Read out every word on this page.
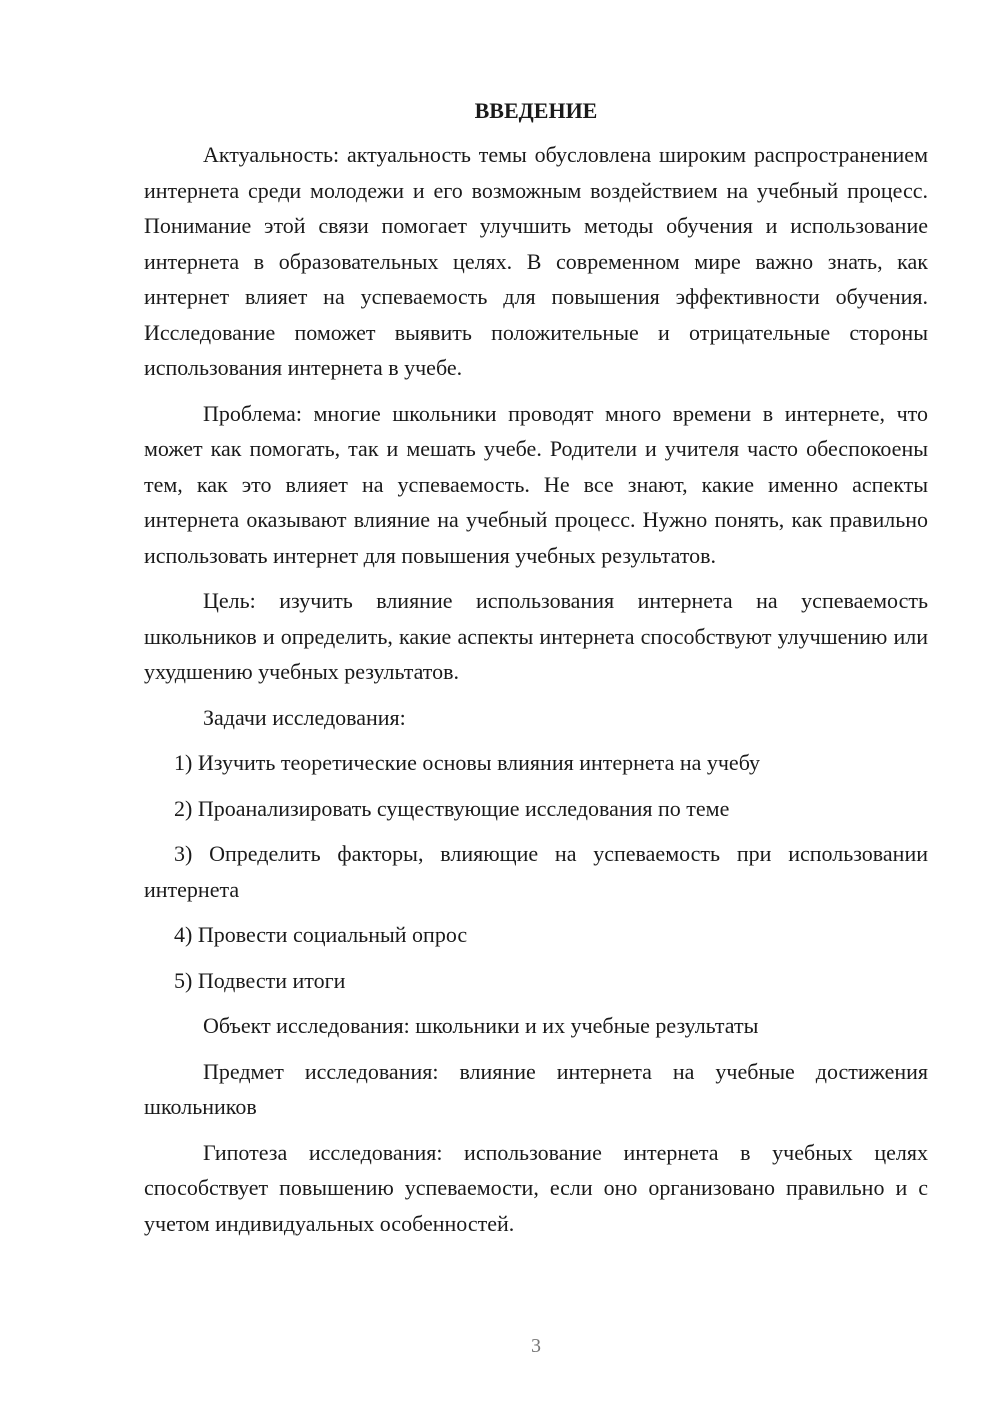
ВВЕДЕНИЕ

Актуальность: актуальность темы обусловлена широким распространением интернета среди молодежи и его возможным воздействием на учебный процесс. Понимание этой связи помогает улучшить методы обучения и использование интернета в образовательных целях. В современном мире важно знать, как интернет влияет на успеваемость для повышения эффективности обучения. Исследование поможет выявить положительные и отрицательные стороны использования интернета в учебе.

Проблема: многие школьники проводят много времени в интернете, что может как помогать, так и мешать учебе. Родители и учителя часто обеспокоены тем, как это влияет на успеваемость. Не все знают, какие именно аспекты интернета оказывают влияние на учебный процесс. Нужно понять, как правильно использовать интернет для повышения учебных результатов.

Цель: изучить влияние использования интернета на успеваемость школьников и определить, какие аспекты интернета способствуют улучшению или ухудшению учебных результатов.

Задачи исследования:

1) Изучить теоретические основы влияния интернета на учебу

2) Проанализировать существующие исследования по теме

3) Определить факторы, влияющие на успеваемость при использовании интернета

4) Провести социальный опрос

5) Подвести итоги

Объект исследования: школьники и их учебные результаты

Предмет исследования: влияние интернета на учебные достижения школьников

Гипотеза исследования: использование интернета в учебных целях способствует повышению успеваемости, если оно организовано правильно и с учетом индивидуальных особенностей.

3
